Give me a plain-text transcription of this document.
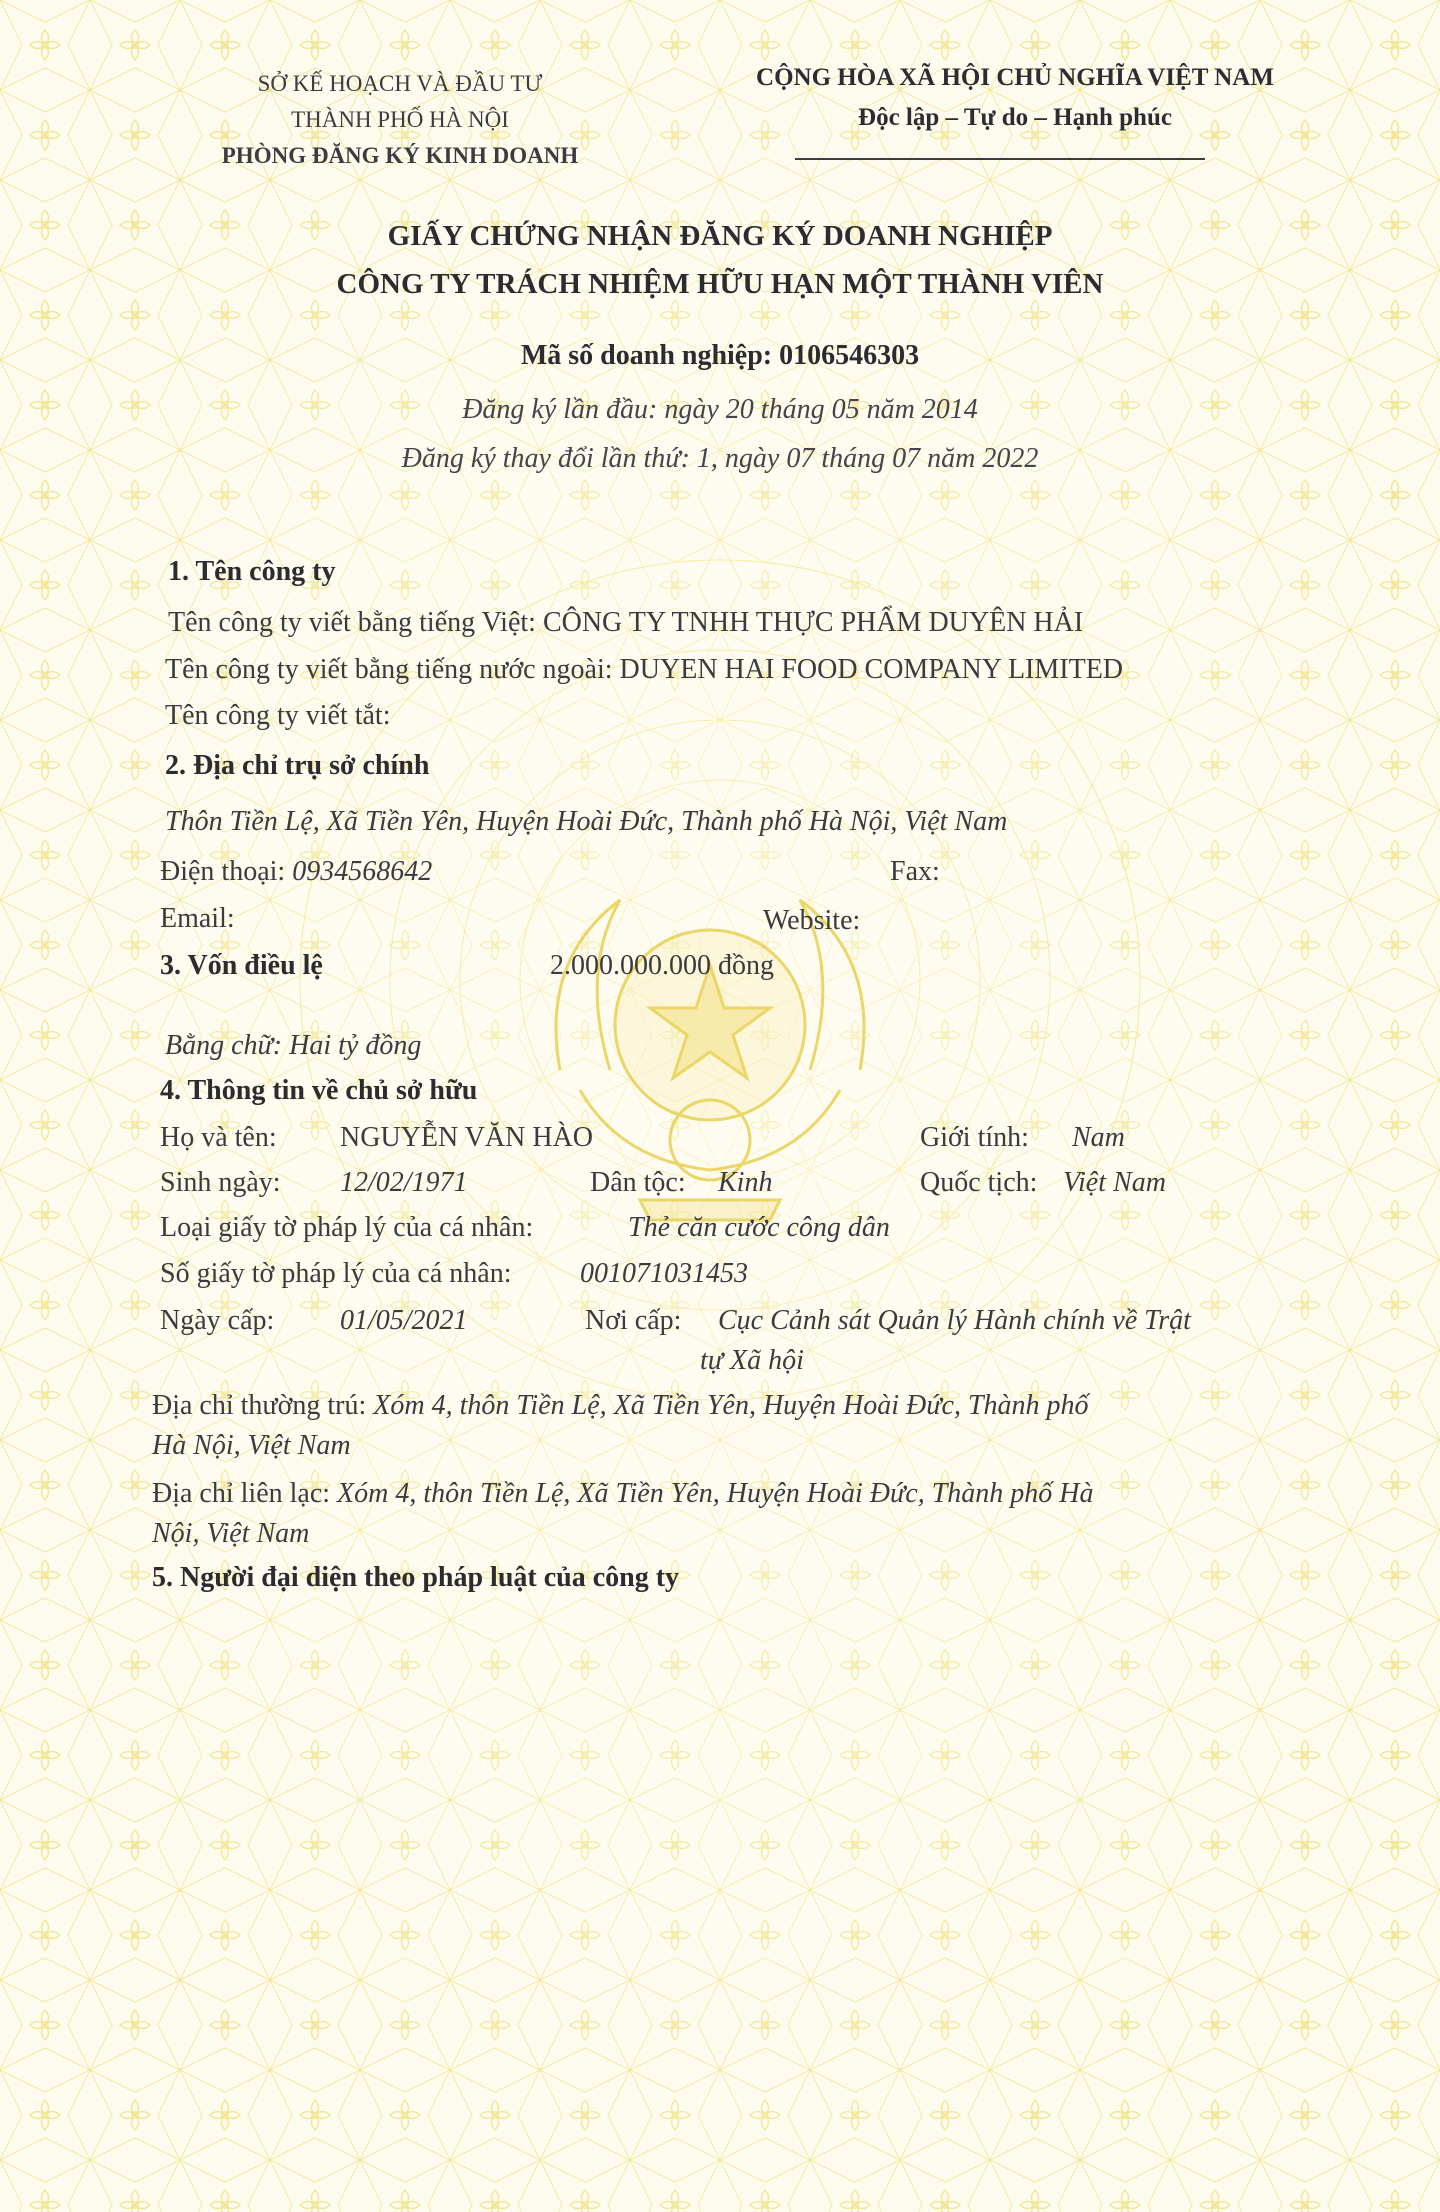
SỞ KẾ HOẠCH VÀ ĐẦU TƯ
THÀNH PHỐ HÀ NỘI
PHÒNG ĐĂNG KÝ KINH DOANH
CỘNG HÒA XÃ HỘI CHỦ NGHĨA VIỆT NAM
Độc lập – Tự do – Hạnh phúc
GIẤY CHỨNG NHẬN ĐĂNG KÝ DOANH NGHIỆP
CÔNG TY TRÁCH NHIỆM HỮU HẠN MỘT THÀNH VIÊN
Mã số doanh nghiệp: 0106546303
Đăng ký lần đầu: ngày 20 tháng 05 năm 2014
Đăng ký thay đổi lần thứ: 1, ngày 07 tháng 07 năm 2022
1. Tên công ty
Tên công ty viết bằng tiếng Việt: CÔNG TY TNHH THỰC PHẨM DUYÊN HẢI
Tên công ty viết bằng tiếng nước ngoài: DUYEN HAI FOOD COMPANY LIMITED
Tên công ty viết tắt:
2. Địa chỉ trụ sở chính
Thôn Tiền Lệ, Xã Tiền Yên, Huyện Hoài Đức, Thành phố Hà Nội, Việt Nam
Điện thoại: 0934568642	Fax:
Email:	Website:
3. Vốn điều lệ	2.000.000.000 đồng
Bằng chữ: Hai tỷ đồng
4. Thông tin về chủ sở hữu
Họ và tên: NGUYỄN VĂN HÀO	Giới tính: Nam
Sinh ngày: 12/02/1971	Dân tộc: Kinh	Quốc tịch: Việt Nam
Loại giấy tờ pháp lý của cá nhân:	Thẻ căn cước công dân
Số giấy tờ pháp lý của cá nhân: 001071031453
Ngày cấp: 01/05/2021	Nơi cấp: Cục Cảnh sát Quản lý Hành chính về Trật
tự Xã hội
Địa chỉ thường trú: Xóm 4, thôn Tiền Lệ, Xã Tiền Yên, Huyện Hoài Đức, Thành phố
Hà Nội, Việt Nam
Địa chỉ liên lạc: Xóm 4, thôn Tiền Lệ, Xã Tiền Yên, Huyện Hoài Đức, Thành phố Hà
Nội, Việt Nam
5. Người đại diện theo pháp luật của công ty
